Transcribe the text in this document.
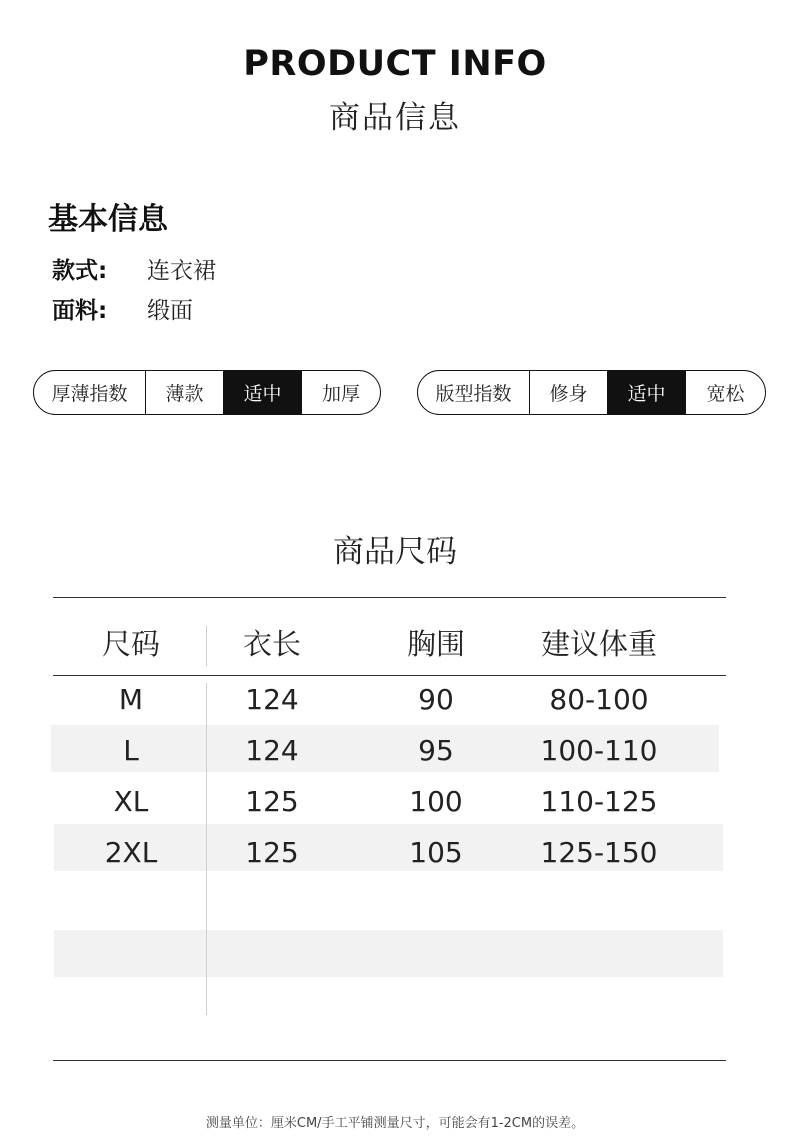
PRODUCT INFO
商品信息
基本信息
款式: 连衣裙
面料: 缎面
厚薄指数	薄款	适中	加厚	版型指数	修身	适中	宽松
商品尺码
尺码	衣长	胸围	建议体重
M	124	90	80-100
L	124	95	100-110
XL	125	100	110-125
2XL	125	105	125-150
测量单位：厘米CM/手工平铺测量尺寸，可能会有1-2CM的误差。
